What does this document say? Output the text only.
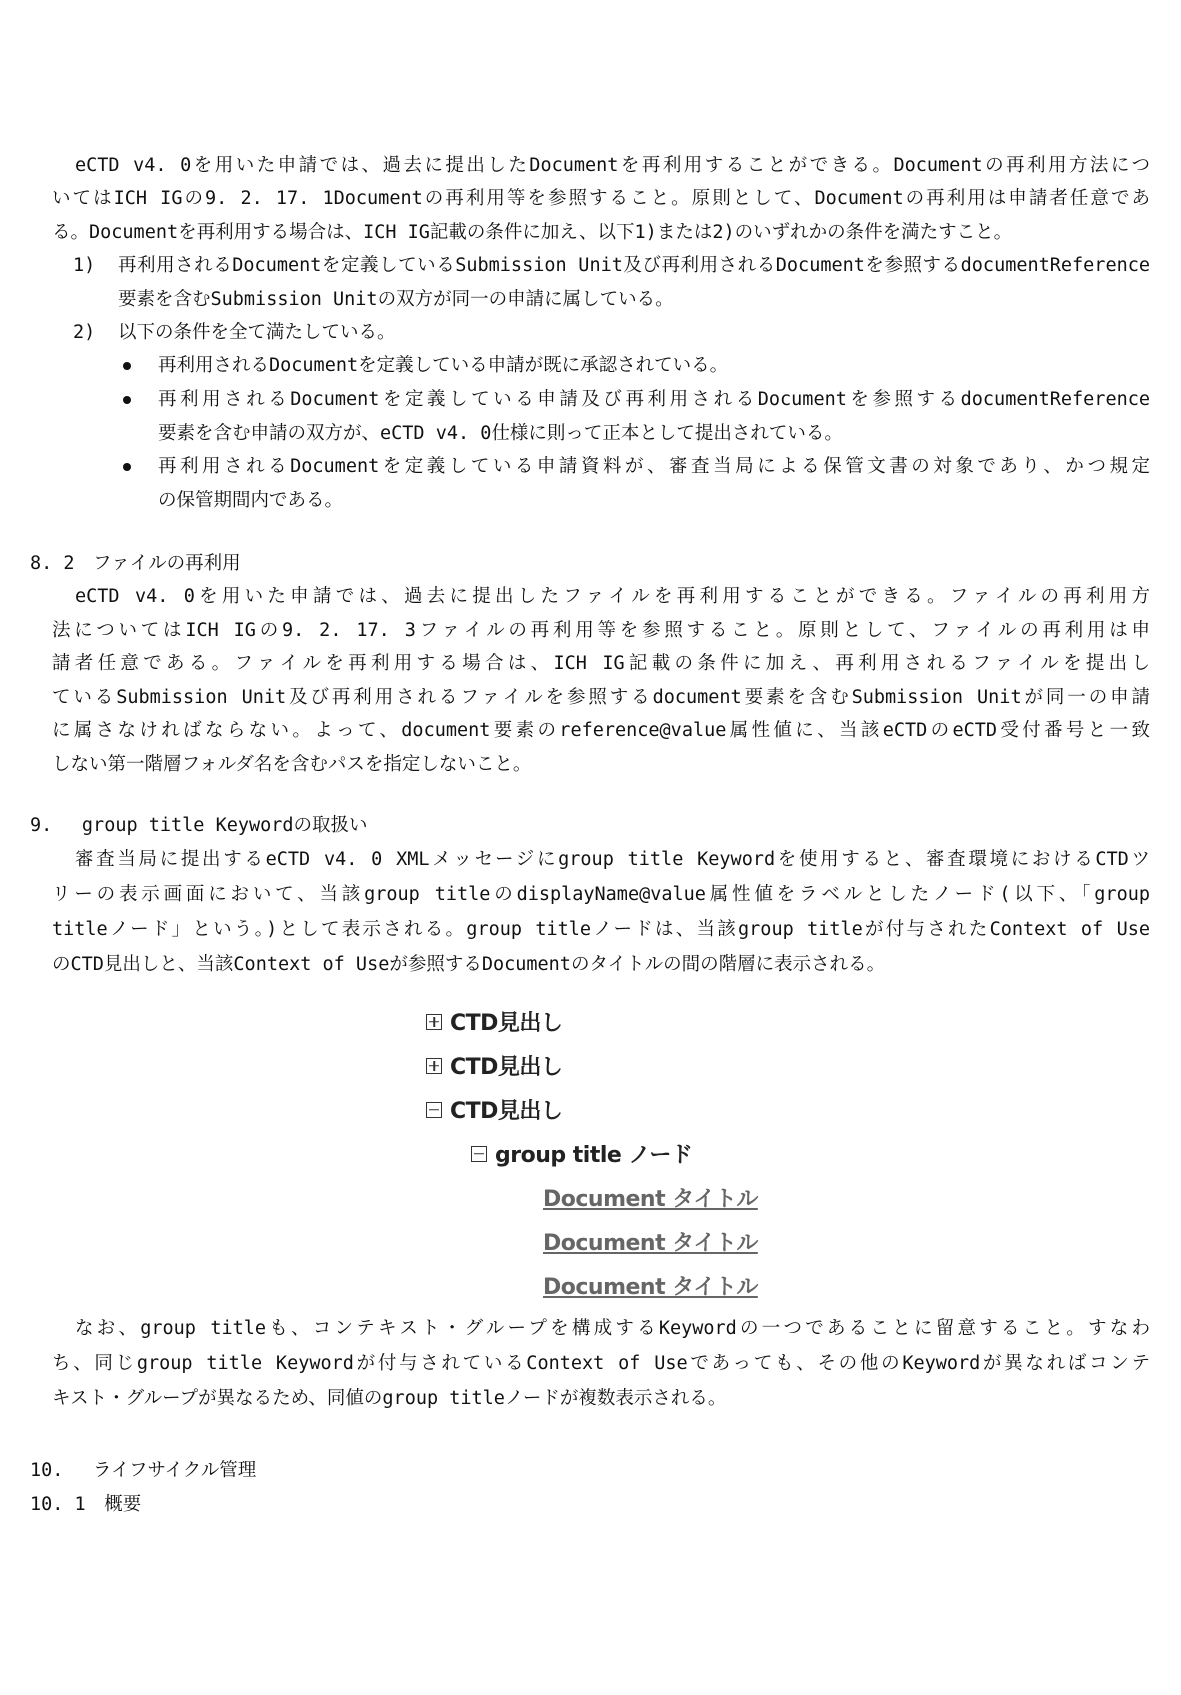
eCTD v4. 0を用いた申請では、過去に提出したDocumentを再利用することができる。Documentの再利用方法につ
いてはICH IGの9. 2. 17. 1Documentの再利用等を参照すること。原則として、Documentの再利用は申請者任意であ
る。Documentを再利用する場合は、ICH IG記載の条件に加え、以下1)または2)のいずれかの条件を満たすこと。
1) 再利用されるDocumentを定義しているSubmission Unit及び再利用されるDocumentを参照するdocumentReference
要素を含むSubmission Unitの双方が同一の申請に属している。
2) 以下の条件を全て満たしている。
再利用されるDocumentを定義している申請が既に承認されている。
再利用されるDocumentを定義している申請及び再利用されるDocumentを参照するdocumentReference
要素を含む申請の双方が、eCTD v4. 0仕様に則って正本として提出されている。
再利用されるDocumentを定義している申請資料が、審査当局による保管文書の対象であり、かつ規定
の保管期間内である。
8. 2　ファイルの再利用
eCTD v4. 0を用いた申請では、過去に提出したファイルを再利用することができる。ファイルの再利用方
法についてはICH IGの9. 2. 17. 3ファイルの再利用等を参照すること。原則として、ファイルの再利用は申
請者任意である。ファイルを再利用する場合は、ICH IG記載の条件に加え、再利用されるファイルを提出し
ているSubmission Unit及び再利用されるファイルを参照するdocument要素を含むSubmission Unitが同一の申請
に属さなければならない。よって、document要素のreference@value属性値に、当該eCTDのeCTD受付番号と一致
しない第一階層フォルダ名を含むパスを指定しないこと。
9.　 group title Keywordの取扱い
審査当局に提出するeCTD v4. 0 XMLメッセージにgroup title Keywordを使用すると、審査環境におけるCTDツ
リーの表示画面において、当該group titleのdisplayName@value属性値をラベルとしたノード(以下、「group
titleノード」という。)として表示される。group titleノードは、当該group titleが付与されたContext of Use
のCTD見出しと、当該Context of Useが参照するDocumentのタイトルの間の階層に表示される。
CTD見出し
CTD見出し
CTD見出し
group title ノード
Document タイトル
Document タイトル
Document タイトル
なお、group titleも、コンテキスト・グループを構成するKeywordの一つであることに留意すること。すなわ
ち、同じgroup title Keywordが付与されているContext of Useであっても、その他のKeywordが異なればコンテ
キスト・グループが異なるため、同値のgroup titleノードが複数表示される。
10.　 ライフサイクル管理
10. 1　概要
